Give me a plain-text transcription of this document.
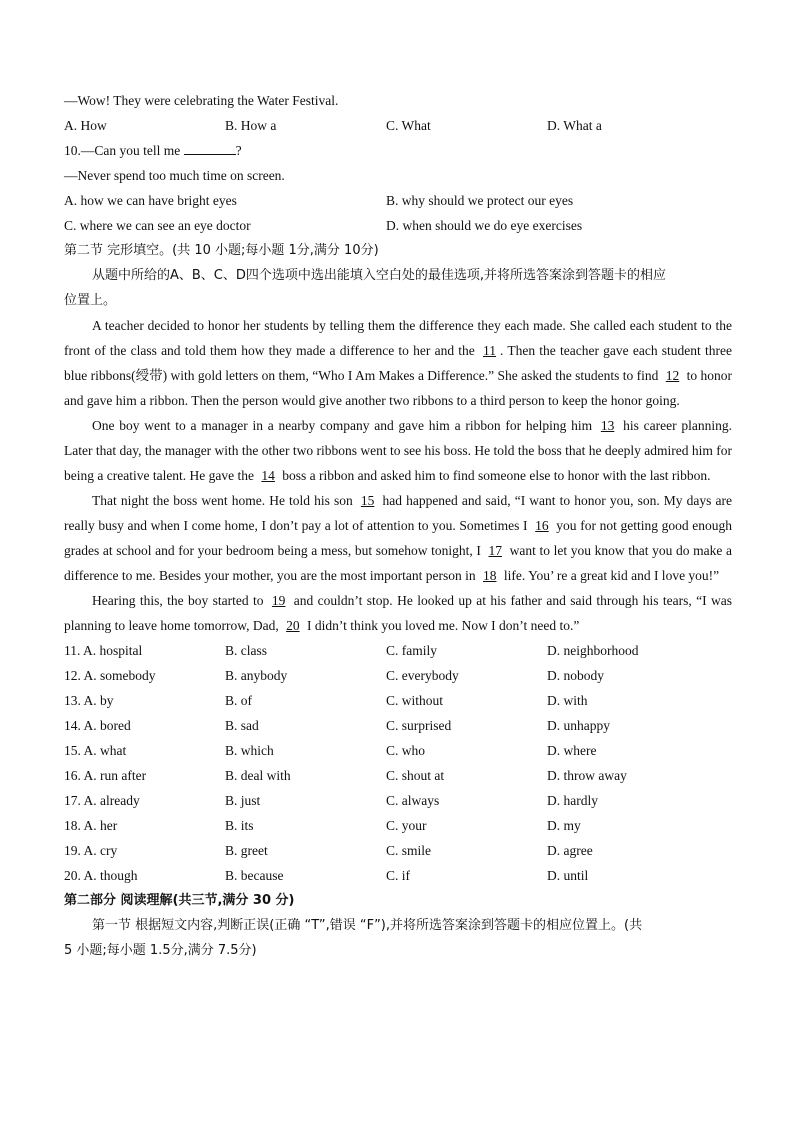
—Wow! They were celebrating the Water Festival.
A. How	B. How a	C. What	D. What a
10.—Can you tell me	?
—Never spend too much time on screen.
A. how we can have bright eyes	B. why should we protect our eyes
C. where we can see an eye doctor	D. when should we do eye exercises
第二节 完形填空。(共 10 小题;每小题 1分,满分 10分)
从题中所给的A、B、C、D四个选项中选出能填入空白处的最佳选项,并将所选答案涂到答题卡的相应
位置上。
A teacher decided to honor her students by telling them the difference they each made. She called each student to the front of the class and told them how they made a difference to her and the 11 . Then the teacher gave each student three blue ribbons(绶带) with gold letters on them, “Who I Am Makes a Difference.” She asked the students to find 12 to honor and gave him a ribbon. Then the person would give another two ribbons to a third person to keep the honor going.
One boy went to a manager in a nearby company and gave him a ribbon for helping him 13 his career planning. Later that day, the manager with the other two ribbons went to see his boss. He told the boss that he deeply admired him for being a creative talent. He gave the 14 boss a ribbon and asked him to find someone else to honor with the last ribbon.
That night the boss went home. He told his son 15 had happened and said, “I want to honor you, son. My days are really busy and when I come home, I don’t pay a lot of attention to you. Sometimes I 16 you for not getting good enough grades at school and for your bedroom being a mess, but somehow tonight, I 17 want to let you know that you do make a difference to me. Besides your mother, you are the most important person in 18 life. You’ re a great kid and I love you!”
Hearing this, the boy started to 19 and couldn’t stop. He looked up at his father and said through his tears, “I was planning to leave home tomorrow, Dad, 20 I didn’t think you loved me. Now I don’t need to.”
11. A. hospital	B. class	C. family	D. neighborhood
12. A. somebody	B. anybody	C. everybody	D. nobody
13. A. by	B. of	C. without	D. with
14. A. bored	B. sad	C. surprised	D. unhappy
15. A. what	B. which	C. who	D. where
16. A. run after	B. deal with	C. shout at	D. throw away
17. A. already	B. just	C. always	D. hardly
18. A. her	B. its	C. your	D. my
19. A. cry	B. greet	C. smile	D. agree
20. A. though	B. because	C. if	D. until
第二部分 阅读理解(共三节,满分 30 分)
第一节 根据短文内容,判断正误(正确 “T”,错误 “F”),并将所选答案涂到答题卡的相应位置上。(共
5 小题;每小题 1.5分,满分 7.5分)
